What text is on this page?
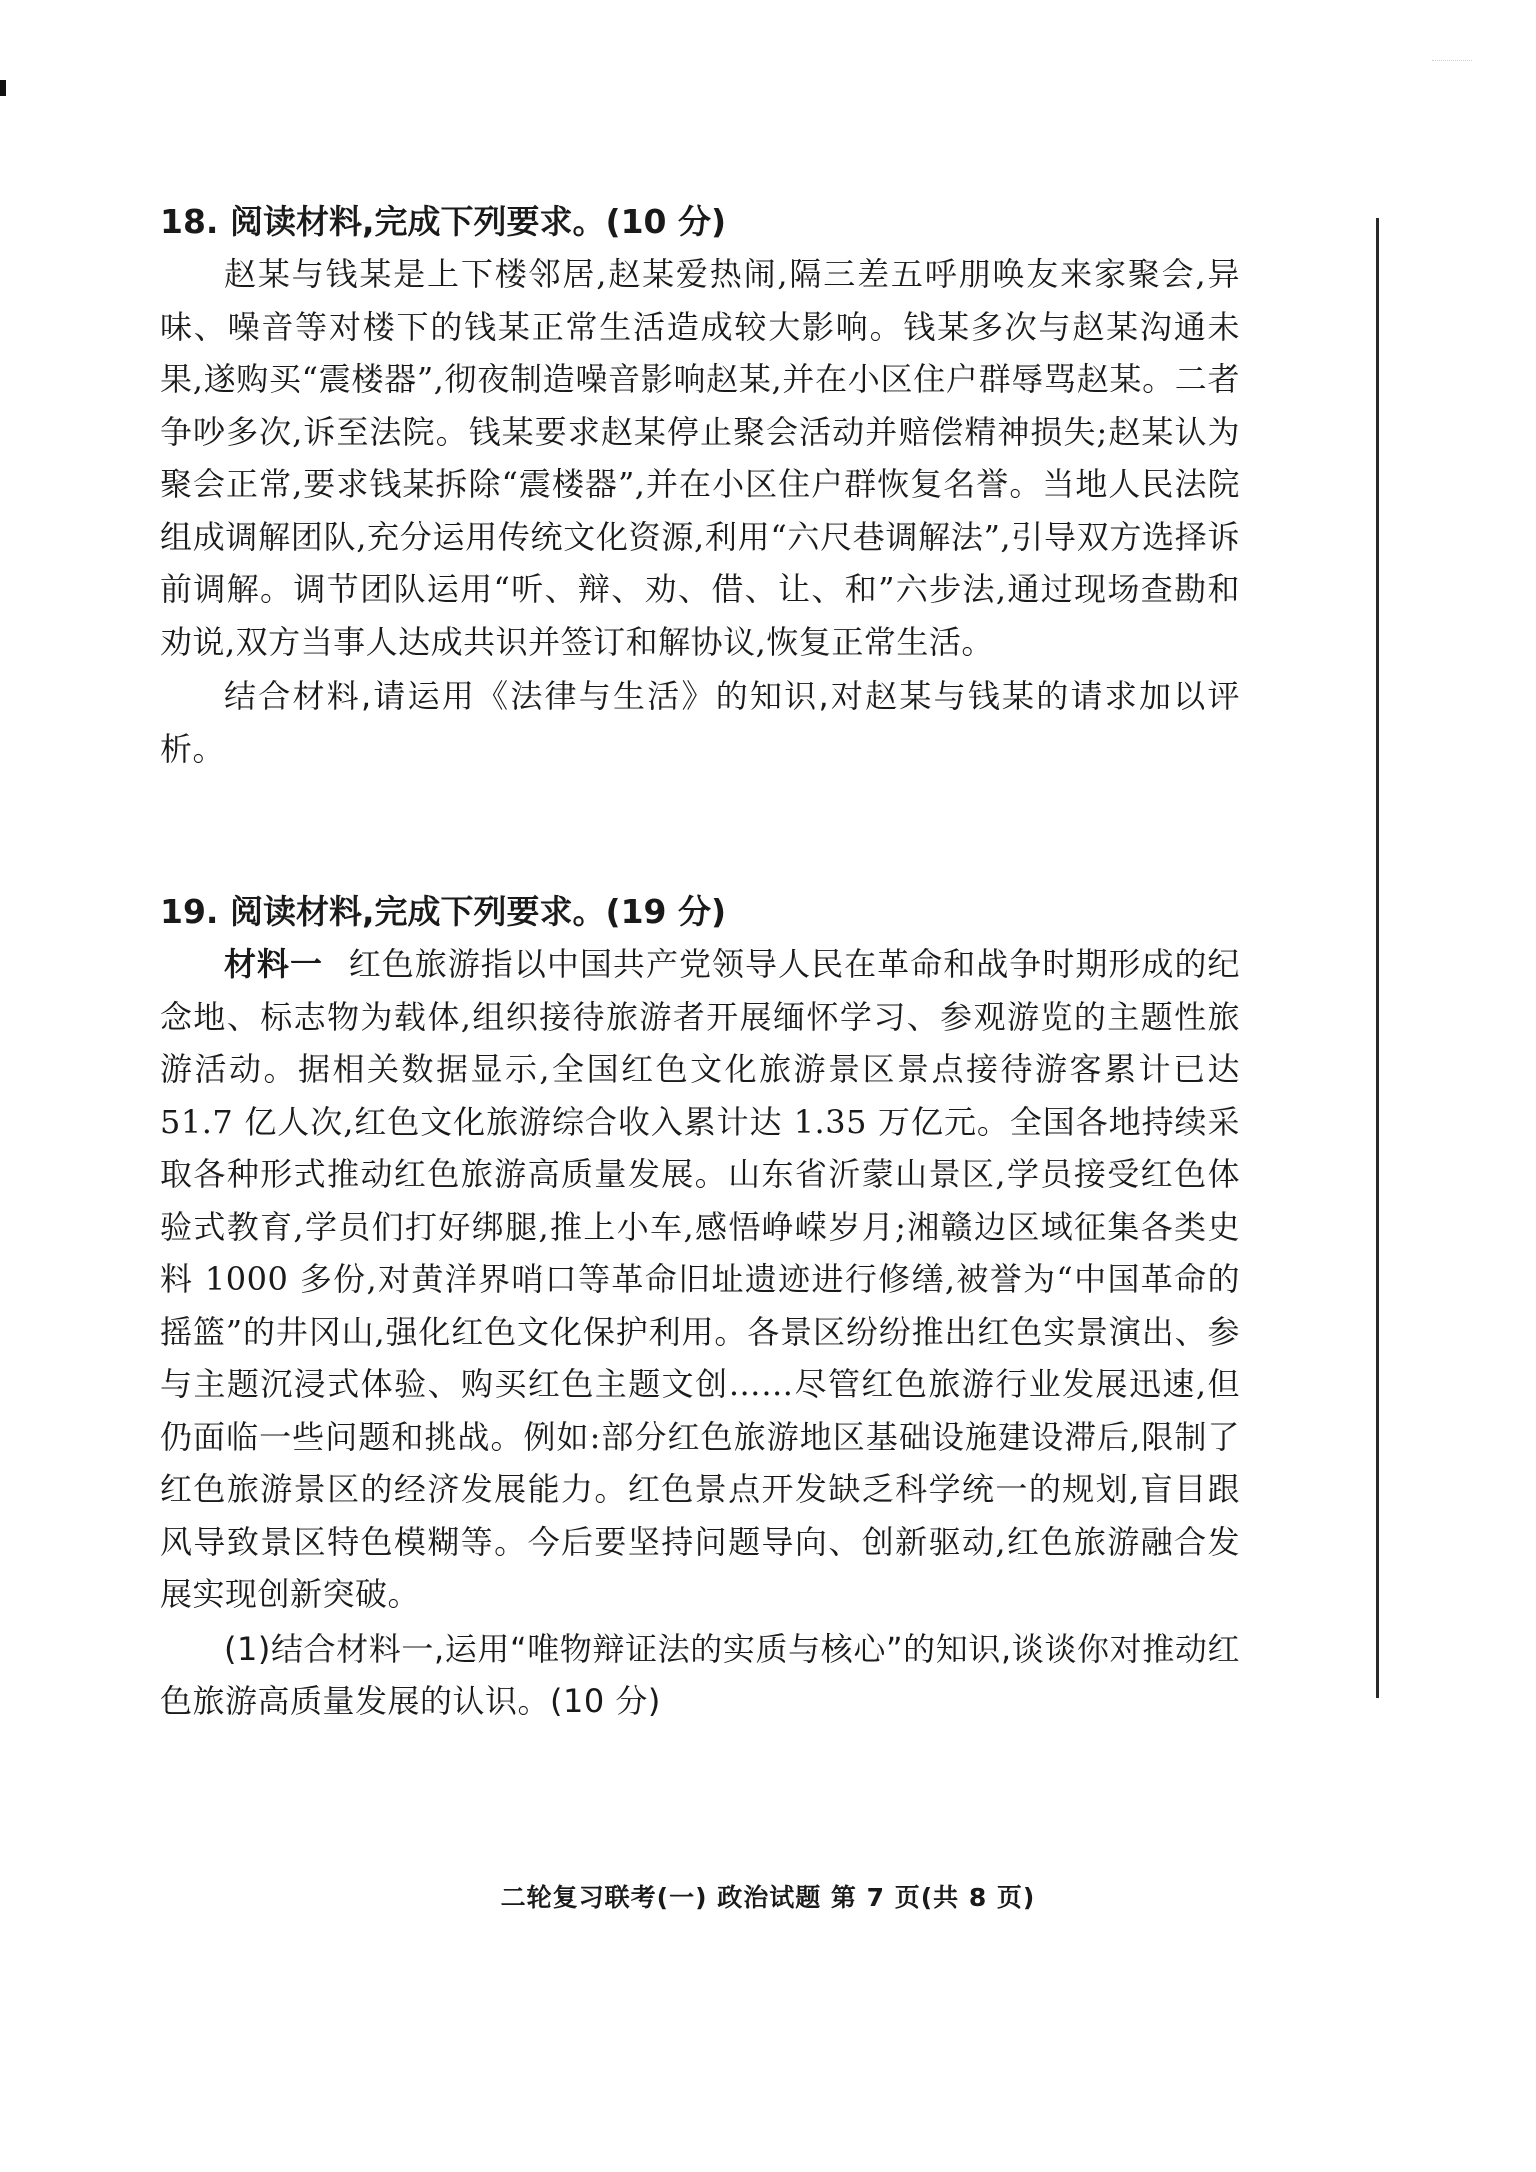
18. 阅读材料,完成下列要求。(10 分)

赵某与钱某是上下楼邻居,赵某爱热闹,隔三差五呼朋唤友来家聚会,异味、噪音等对楼下的钱某正常生活造成较大影响。钱某多次与赵某沟通未果,遂购买“震楼器”,彻夜制造噪音影响赵某,并在小区住户群辱骂赵某。二者争吵多次,诉至法院。钱某要求赵某停止聚会活动并赔偿精神损失;赵某认为聚会正常,要求钱某拆除“震楼器”,并在小区住户群恢复名誉。当地人民法院组成调解团队,充分运用传统文化资源,利用“六尺巷调解法”,引导双方选择诉前调解。调节团队运用“听、辩、劝、借、让、和”六步法,通过现场查勘和劝说,双方当事人达成共识并签订和解协议,恢复正常生活。

结合材料,请运用《法律与生活》的知识,对赵某与钱某的请求加以评析。

19. 阅读材料,完成下列要求。(19 分)

材料一 红色旅游指以中国共产党领导人民在革命和战争时期形成的纪念地、标志物为载体,组织接待旅游者开展缅怀学习、参观游览的主题性旅游活动。据相关数据显示,全国红色文化旅游景区景点接待游客累计已达 51.7 亿人次,红色文化旅游综合收入累计达 1.35 万亿元。全国各地持续采取各种形式推动红色旅游高质量发展。山东省沂蒙山景区,学员接受红色体验式教育,学员们打好绑腿,推上小车,感悟峥嵘岁月;湘赣边区域征集各类史料 1000 多份,对黄洋界哨口等革命旧址遗迹进行修缮,被誉为“中国革命的摇篮”的井冈山,强化红色文化保护利用。各景区纷纷推出红色实景演出、参与主题沉浸式体验、购买红色主题文创……尽管红色旅游行业发展迅速,但仍面临一些问题和挑战。例如:部分红色旅游地区基础设施建设滞后,限制了红色旅游景区的经济发展能力。红色景点开发缺乏科学统一的规划,盲目跟风导致景区特色模糊等。今后要坚持问题导向、创新驱动,红色旅游融合发展实现创新突破。

(1)结合材料一,运用“唯物辩证法的实质与核心”的知识,谈谈你对推动红色旅游高质量发展的认识。(10 分)

二轮复习联考(一) 政治试题 第 7 页(共 8 页)
